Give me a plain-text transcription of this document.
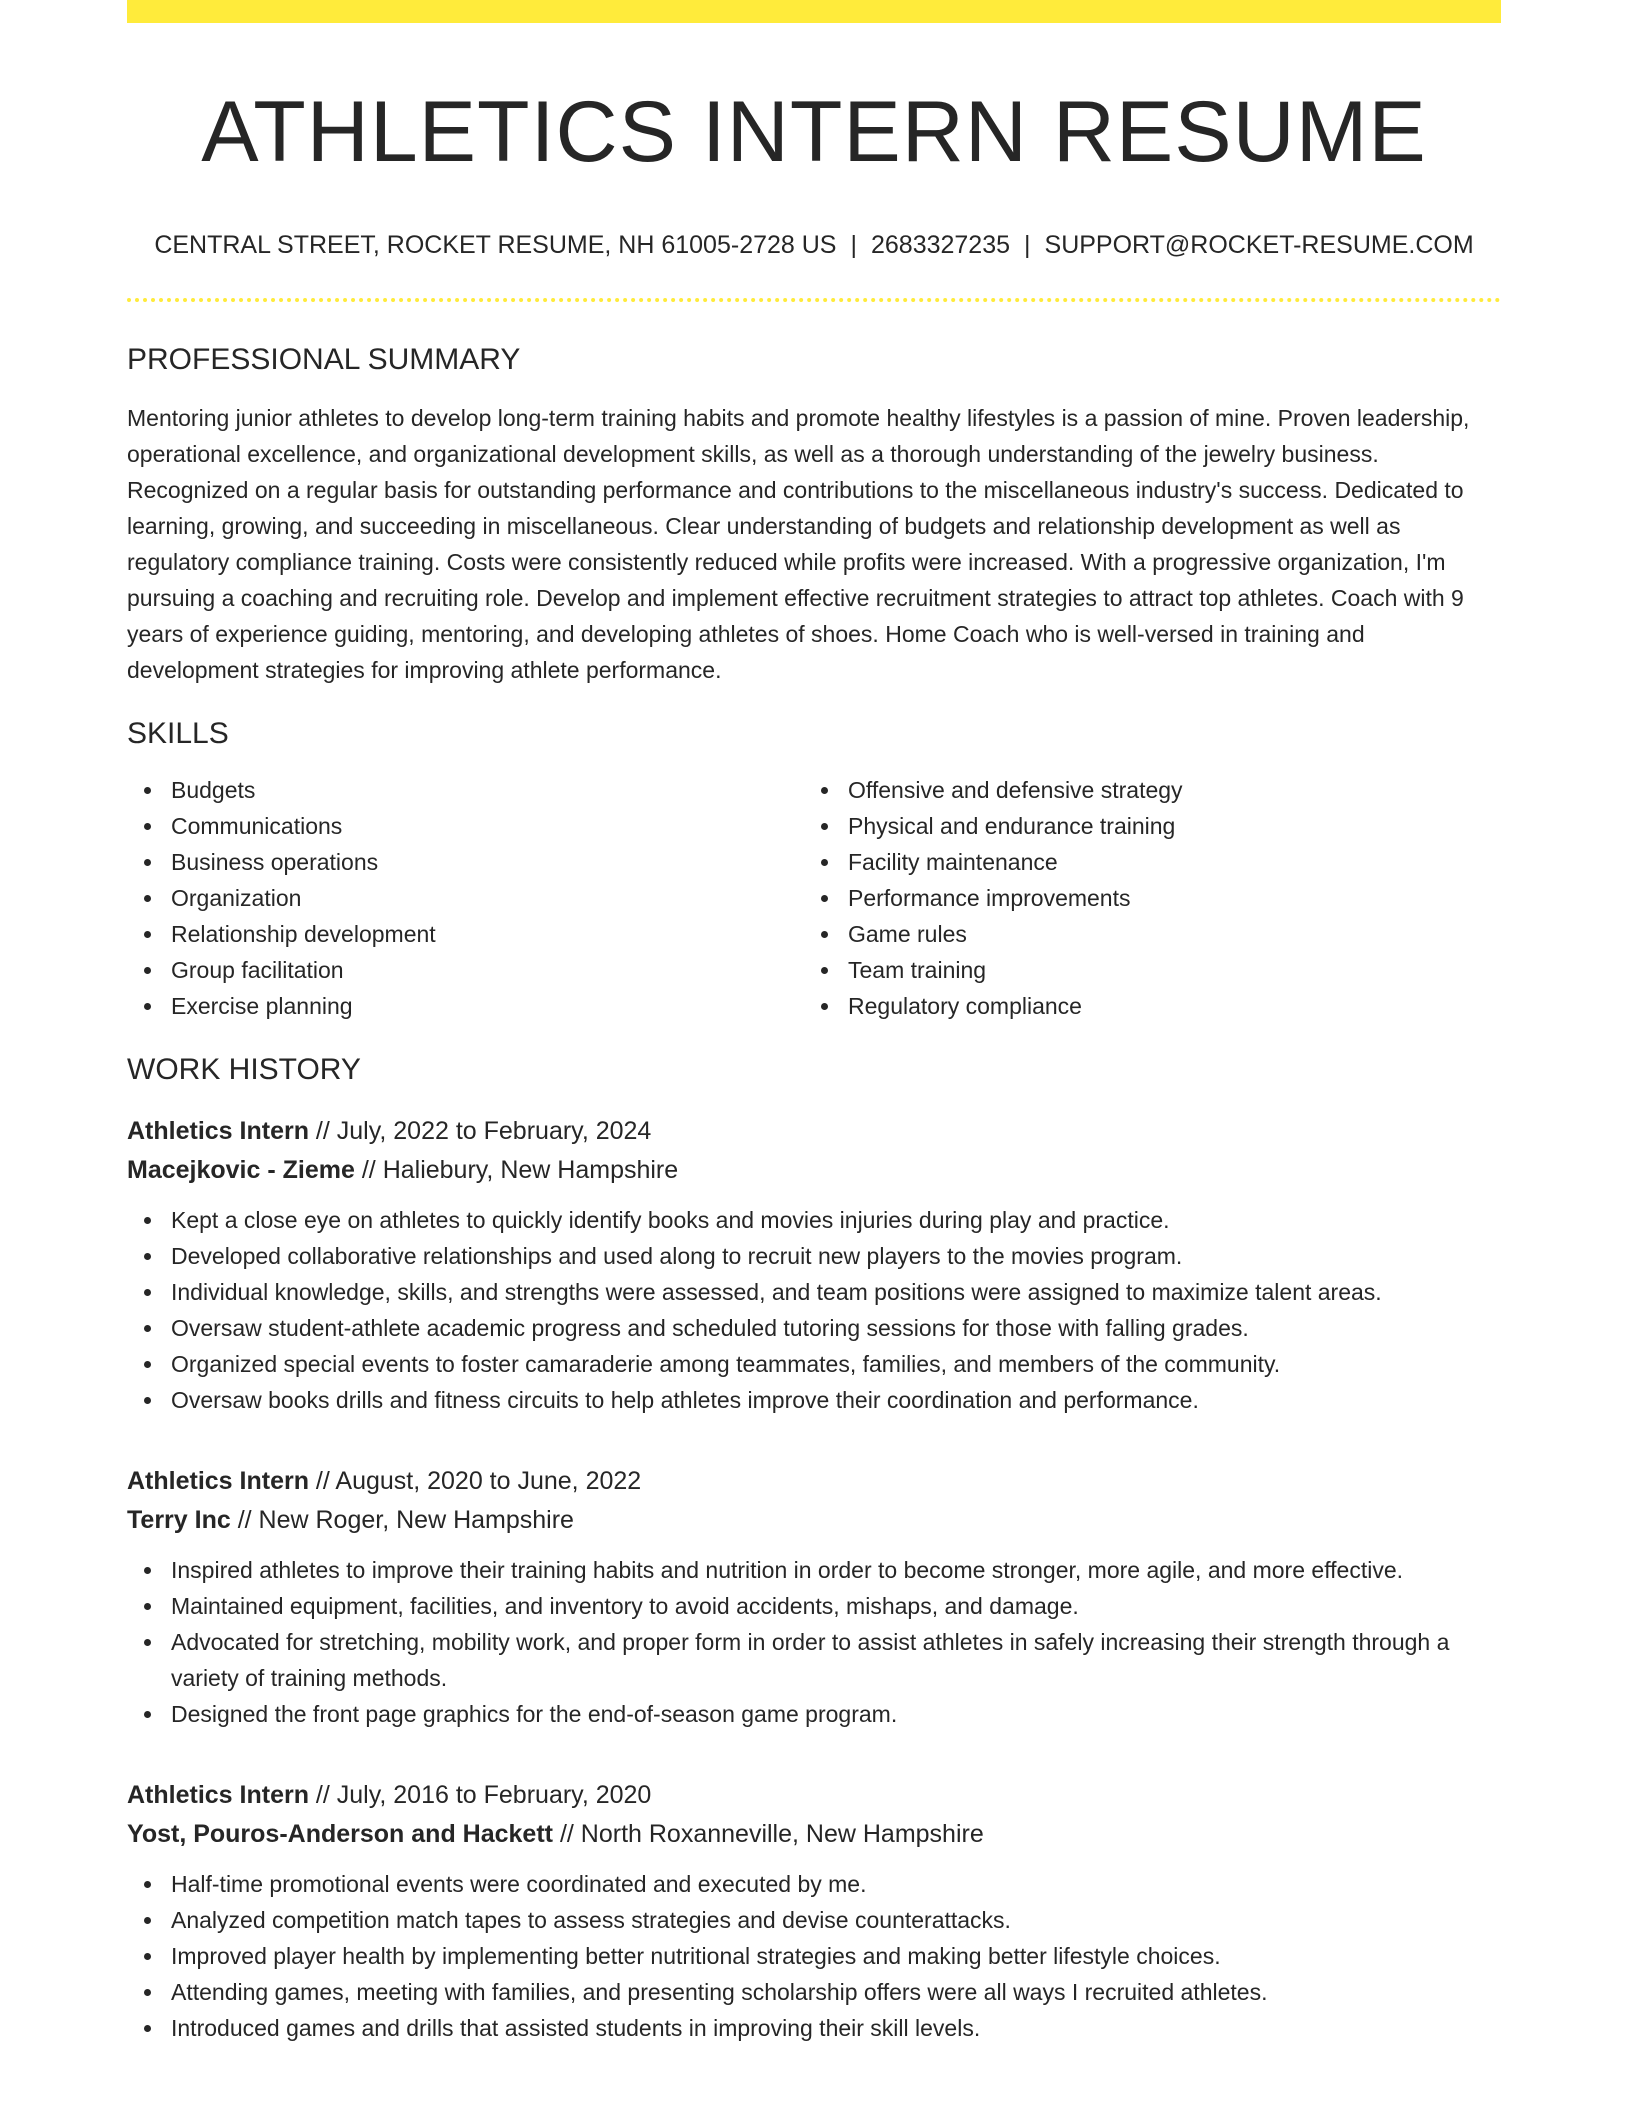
ATHLETICS INTERN RESUME
CENTRAL STREET, ROCKET RESUME, NH 61005-2728 US | 2683327235 | SUPPORT@ROCKET-RESUME.COM
PROFESSIONAL SUMMARY

Mentoring junior athletes to develop long-term training habits and promote healthy lifestyles is a passion of mine. Proven leadership, operational excellence, and organizational development skills, as well as a thorough understanding of the jewelry business. Recognized on a regular basis for outstanding performance and contributions to the miscellaneous industry's success. Dedicated to learning, growing, and succeeding in miscellaneous. Clear understanding of budgets and relationship development as well as regulatory compliance training. Costs were consistently reduced while profits were increased. With a progressive organization, I'm pursuing a coaching and recruiting role. Develop and implement effective recruitment strategies to attract top athletes. Coach with 9 years of experience guiding, mentoring, and developing athletes of shoes. Home Coach who is well-versed in training and development strategies for improving athlete performance.

SKILLS
Budgets
Communications
Business operations
Organization
Relationship development
Group facilitation
Exercise planning
Offensive and defensive strategy
Physical and endurance training
Facility maintenance
Performance improvements
Game rules
Team training
Regulatory compliance
WORK HISTORY
Athletics Intern // July, 2022 to February, 2024
Macejkovic - Zieme // Haliebury, New Hampshire
Kept a close eye on athletes to quickly identify books and movies injuries during play and practice.
Developed collaborative relationships and used along to recruit new players to the movies program.
Individual knowledge, skills, and strengths were assessed, and team positions were assigned to maximize talent areas.
Oversaw student-athlete academic progress and scheduled tutoring sessions for those with falling grades.
Organized special events to foster camaraderie among teammates, families, and members of the community.
Oversaw books drills and fitness circuits to help athletes improve their coordination and performance.
Athletics Intern // August, 2020 to June, 2022
Terry Inc // New Roger, New Hampshire
Inspired athletes to improve their training habits and nutrition in order to become stronger, more agile, and more effective.
Maintained equipment, facilities, and inventory to avoid accidents, mishaps, and damage.
Advocated for stretching, mobility work, and proper form in order to assist athletes in safely increasing their strength through a variety of training methods.
Designed the front page graphics for the end-of-season game program.
Athletics Intern // July, 2016 to February, 2020
Yost, Pouros-Anderson and Hackett // North Roxanneville, New Hampshire
Half-time promotional events were coordinated and executed by me.
Analyzed competition match tapes to assess strategies and devise counterattacks.
Improved player health by implementing better nutritional strategies and making better lifestyle choices.
Attending games, meeting with families, and presenting scholarship offers were all ways I recruited athletes.
Introduced games and drills that assisted students in improving their skill levels.
